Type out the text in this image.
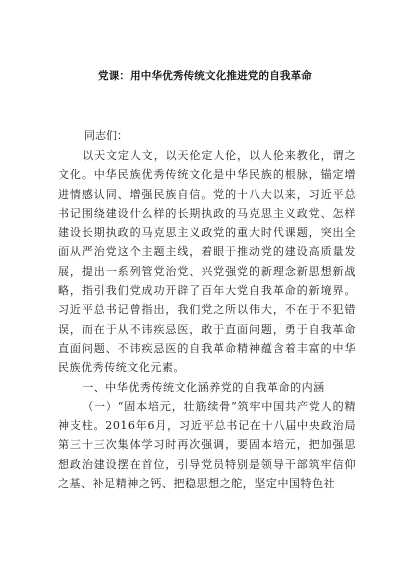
党课：用中华优秀传统文化推进党的自我革命
同志们：

以天文定人文，以天伦定人伦，以人伦来教化，谓之文化。中华民族优秀传统文化是中华民族的根脉，锚定增进情感认同、增强民族自信。党的十八大以来，习近平总书记围绕建设什么样的长期执政的马克思主义政党、怎样建设长期执政的马克思主义政党的重大时代课题，突出全面从严治党这个主题主线，着眼于推动党的建设高质量发展，提出一系列管党治党、兴党强党的新理念新思想新战略，指引我们党成功开辟了百年大党自我革命的新境界。习近平总书记曾指出，我们党之所以伟大，不在于不犯错误，而在于从不讳疾忌医，敢于直面问题，勇于自我革命直面问题、不讳疾忌医的自我革命精神蕴含着丰富的中华民族优秀传统文化元素。

一、中华优秀传统文化涵养党的自我革命的内涵

（一）“固本培元，壮筋续骨”筑牢中国共产党人的精神支柱。2016年6月，习近平总书记在十八届中央政治局第三十三次集体学习时再次强调，要固本培元，把加强思想政治建设摆在首位，引导党员特别是领导干部筑牢信仰之基、补足精神之钙、把稳思想之舵，坚定中国特色社
